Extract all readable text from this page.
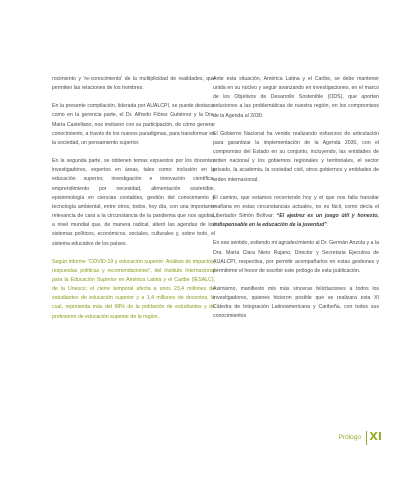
rocimiento y 're-conocimiento' de la multiplicidad de realidades, que permiten las relaciones de los hombres.

En la presente compilación, liderada por AUALCPI, se puede destacar como en la gerencia parte, el Dr. Alfredo Flórez Gutiérrez y la Dra. María Castellano, nos invitaron con su participación, de cómo generar conocimiento, a través de los nuevos paradigmas, para transformar en la sociedad, un pensamiento superior.

En la segunda parte, se obtienen temas expuestos por los docentes investigadores, expertos en áreas, tales como: inclusión en la educación superior, investigación e innovación científica, emprendimiento por necesidad, alimentación sostenible, epistemología en ciencias contables, gestión del conocimiento y tecnología ambiental, entre otros, todos, hoy día, con una importante relevancia de cara a la circunstancia de la pandemia que nos agobia, a nivel mundial que, de manera radical, alteró las agendas de los sistemas políticos, económicos, sociales, culturales y, sobre todo, el sistema educativo de los países.

Según informe “COVID-19 y educación superior: Análisis de impactos, respuestas políticas y recomendaciones”, del Instituto Internacional para la Educación Superior en América Latina y el Caribe (IESALC), de la Unesco; el cierre temporal afecta a unos 23,4 millones de estudiantes de educación superior y a 1,4 millones de docentes, lo cual, representa más del 98% de la población de estudiantes y de profesores de educación superior de la región.

Ante esta situación, América Latina y el Caribe, se debe mantener unida en su núcleo y seguir avanzando en investigaciones, en el marco de los Objetivos de Desarrollo Sostenible (ODS), que aporten soluciones a las problemáticas de nuestra región, en los compromisos de la Agenda al 2030.

El Gobierno Nacional ha venido realizando esfuerzos de articulación para garantizar la implementación de la Agenda 2030, con el compromiso del Estado en su conjunto, incluyendo, las entidades de orden nacional y los gobiernos regionales y territoriales, el sector privado, la academia, la sociedad civil, otros gobiernos y entidades de orden internacional.

El camino, que estamos recorriendo hoy y el que nos falta transitar mañana en estas circunstancias actuales, no es fácil, como decía el Libertador Simón Bolívar: “El ajedrez es un juego útil y honesto, indispensable en la educación de la juventud”.

En ese sentido, extiendo mi agradecimiento al Dr. Germán Anzola y a la Dra. María Clara Nieto Rujano, Director y Secretaria Ejecutiva de AUALCPI, respectiva, por permitir acompañarlos en estas gestiones y permitirme el honor de escribir este prólogo de esta publicación.

Asimismo, manifiesto mis más sinceras felicitaciones a todos los investigadores, quienes hicieron posible que se realizara esta XI Cátedra de Integración Latinoamericana y Caribeña, con todos sus conocimientos

Prólogo XI
